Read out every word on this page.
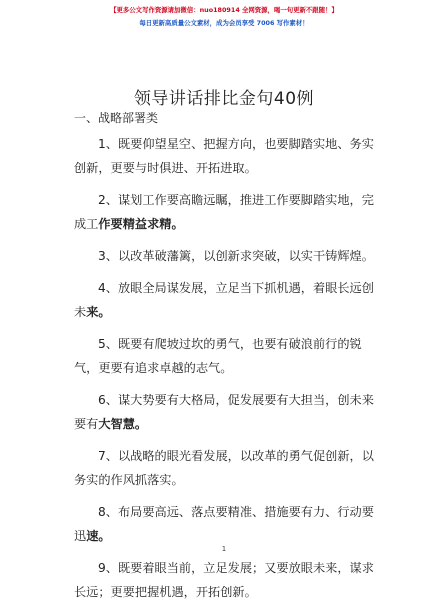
【更多公文写作资源请加微信：nuo180914 全网资源，喝一句更新不跟随！】
每日更新高质量公文素材，成为会员享受 7006 写作素材！
领导讲话排比金句40例
一、战略部署类

1、既要仰望星空、把握方向，也要脚踏实地、务实创新，更要与时俱进、开拓进取。

2、谋划工作要高瞻远瞩，推进工作要脚踏实地，完成工作要精益求精。

3、以改革破藩篱，以创新求突破，以实干铸辉煌。

4、放眼全局谋发展，立足当下抓机遇，着眼长远创未来。

5、既要有爬坡过坎的勇气，也要有破浪前行的锐气，更要有追求卓越的志气。

6、谋大势要有大格局，促发展要有大担当，创未来要有大智慧。

7、以战略的眼光看发展，以改革的勇气促创新，以务实的作风抓落实。

8、布局要高远、落点要精准、措施要有力、行动要迅速。

9、既要着眼当前，立足发展；又要放眼未来，谋求长远；更要把握机遇，开拓创新。

1
